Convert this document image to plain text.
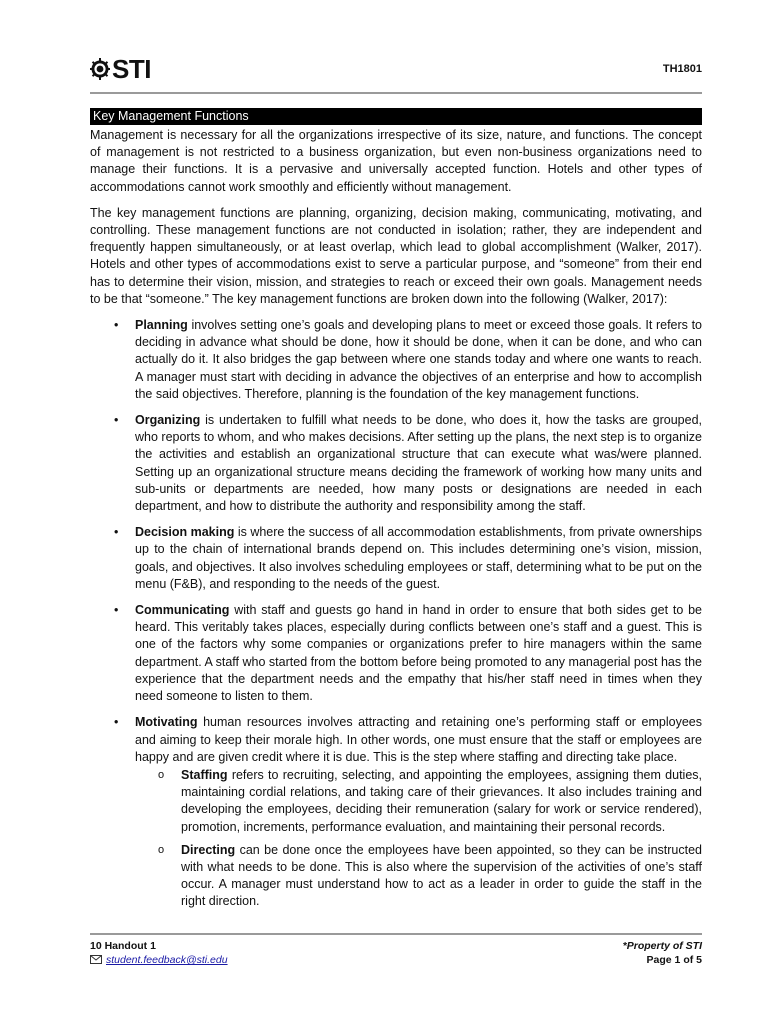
STI	TH1801
Key Management Functions

Management is necessary for all the organizations irrespective of its size, nature, and functions. The concept of management is not restricted to a business organization, but even non-business organizations need to manage their functions. It is a pervasive and universally accepted function. Hotels and other types of accommodations cannot work smoothly and efficiently without management.

The key management functions are planning, organizing, decision making, communicating, motivating, and controlling. These management functions are not conducted in isolation; rather, they are independent and frequently happen simultaneously, or at least overlap, which lead to global accomplishment (Walker, 2017). Hotels and other types of accommodations exist to serve a particular purpose, and “someone” from their end has to determine their vision, mission, and strategies to reach or exceed their own goals. Management needs to be that “someone.” The key management functions are broken down into the following (Walker, 2017):

• Planning involves setting one’s goals and developing plans to meet or exceed those goals. It refers to deciding in advance what should be done, how it should be done, when it can be done, and who can actually do it. It also bridges the gap between where one stands today and where one wants to reach. A manager must start with deciding in advance the objectives of an enterprise and how to accomplish the said objectives. Therefore, planning is the foundation of the key management functions.
• Organizing is undertaken to fulfill what needs to be done, who does it, how the tasks are grouped, who reports to whom, and who makes decisions. After setting up the plans, the next step is to organize the activities and establish an organizational structure that can execute what was/were planned. Setting up an organizational structure means deciding the framework of working how many units and sub-units or departments are needed, how many posts or designations are needed in each department, and how to distribute the authority and responsibility among the staff.
• Decision making is where the success of all accommodation establishments, from private ownerships up to the chain of international brands depend on. This includes determining one’s vision, mission, goals, and objectives. It also involves scheduling employees or staff, determining what to be put on the menu (F&B), and responding to the needs of the guest.
• Communicating with staff and guests go hand in hand in order to ensure that both sides get to be heard. This veritably takes places, especially during conflicts between one’s staff and a guest. This is one of the factors why some companies or organizations prefer to hire managers within the same department. A staff who started from the bottom before being promoted to any managerial post has the experience that the department needs and the empathy that his/her staff need in times when they need someone to listen to them.
• Motivating human resources involves attracting and retaining one’s performing staff or employees and aiming to keep their morale high. In other words, one must ensure that the staff or employees are happy and are given credit where it is due. This is the step where staffing and directing take place.
o Staffing refers to recruiting, selecting, and appointing the employees, assigning them duties, maintaining cordial relations, and taking care of their grievances. It also includes training and developing the employees, deciding their remuneration (salary for work or service rendered), promotion, increments, performance evaluation, and maintaining their personal records.
o Directing can be done once the employees have been appointed, so they can be instructed with what needs to be done. This is also where the supervision of the activities of one’s staff occur. A manager must understand how to act as a leader in order to guide the staff in the right direction.
10 Handout 1
student.feedback@sti.edu
*Property of STI
Page 1 of 5
